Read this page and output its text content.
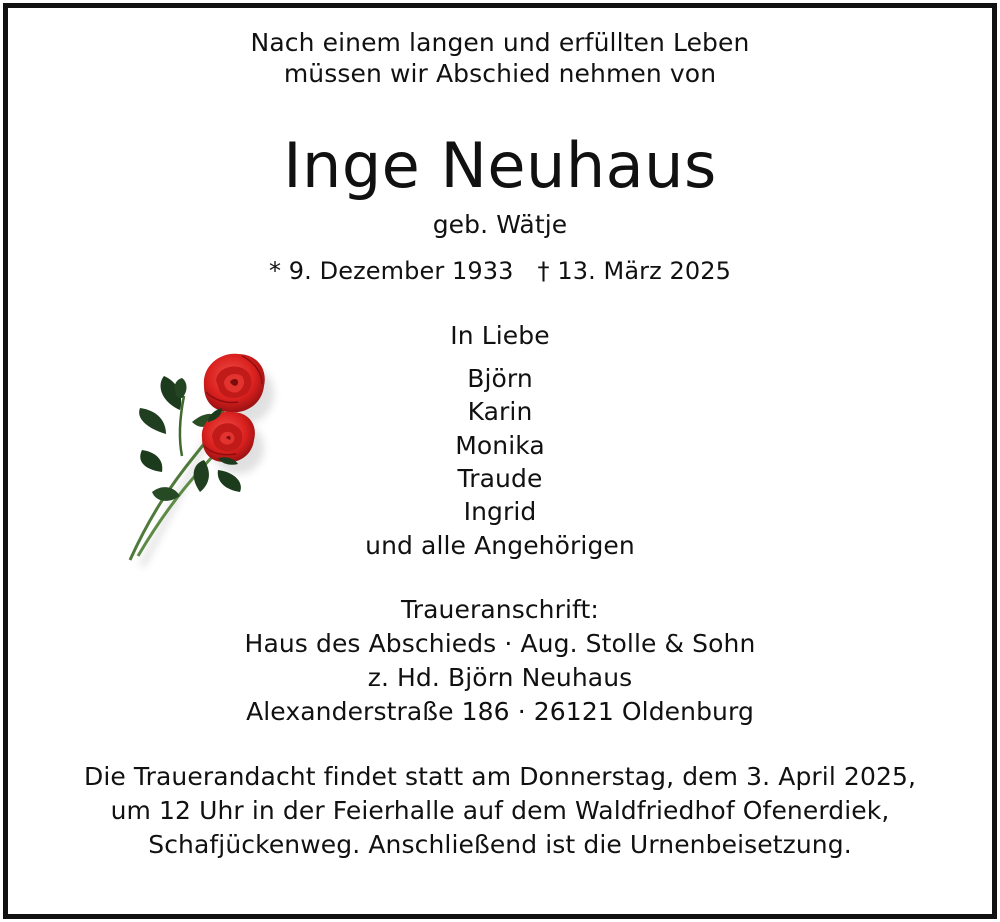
Nach einem langen und erfüllten Leben
müssen wir Abschied nehmen von
Inge Neuhaus
geb. Wätje
* 9. Dezember 1933 † 13. März 2025
In Liebe
Björn
Karin
Monika
Traude
Ingrid
und alle Angehörigen
Traueranschrift:
Haus des Abschieds · Aug. Stolle & Sohn
z. Hd. Björn Neuhaus
Alexanderstraße 186 · 26121 Oldenburg
Die Trauerandacht findet statt am Donnerstag, dem 3. April 2025,
um 12 Uhr in der Feierhalle auf dem Waldfriedhof Ofenerdiek,
Schafjückenweg. Anschließend ist die Urnenbeisetzung.
